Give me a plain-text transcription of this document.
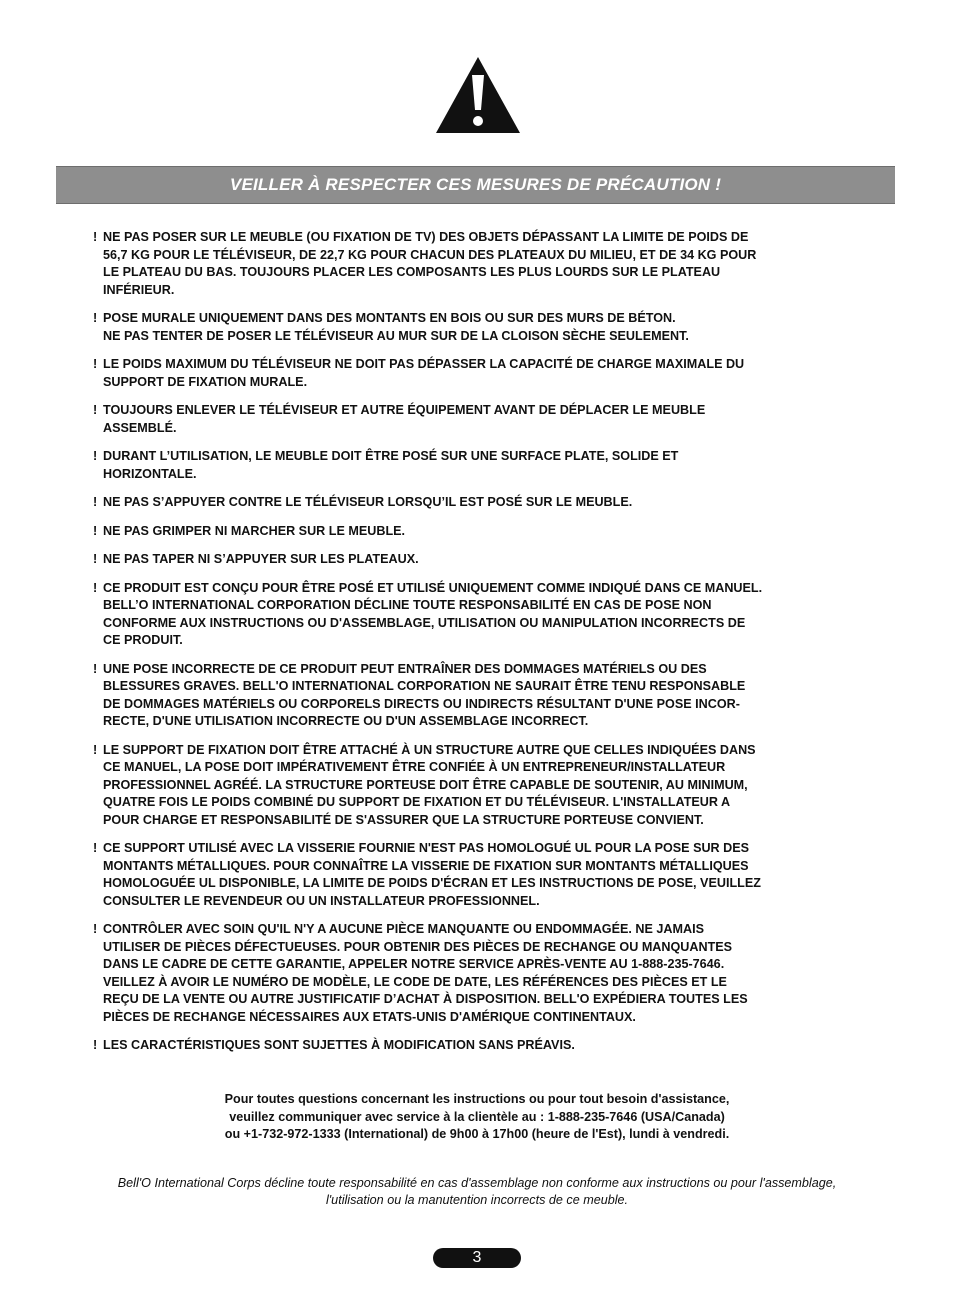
VEILLER À RESPECTER CES MESURES DE PRÉCAUTION !
! NE PAS POSER SUR LE MEUBLE (OU FIXATION DE TV) DES OBJETS DÉPASSANT LA LIMITE DE POIDS DE
56,7 KG POUR LE TÉLÉVISEUR, DE 22,7 KG POUR CHACUN DES PLATEAUX DU MILIEU, ET DE 34 KG POUR
LE PLATEAU DU BAS. TOUJOURS PLACER LES COMPOSANTS LES PLUS LOURDS SUR LE PLATEAU
INFÉRIEUR.
! POSE MURALE UNIQUEMENT DANS DES MONTANTS EN BOIS OU SUR DES MURS DE BÉTON.
NE PAS TENTER DE POSER LE TÉLÉVISEUR AU MUR SUR DE LA CLOISON SÈCHE SEULEMENT.
! LE POIDS MAXIMUM DU TÉLÉVISEUR NE DOIT PAS DÉPASSER LA CAPACITÉ DE CHARGE MAXIMALE DU
SUPPORT DE FIXATION MURALE.
! TOUJOURS ENLEVER LE TÉLÉVISEUR ET AUTRE ÉQUIPEMENT AVANT DE DÉPLACER LE MEUBLE
ASSEMBLÉ.
! DURANT L’UTILISATION, LE MEUBLE DOIT ÊTRE POSÉ SUR UNE SURFACE PLATE, SOLIDE ET
HORIZONTALE.
! NE PAS S’APPUYER CONTRE LE TÉLÉVISEUR LORSQU’IL EST POSÉ SUR LE MEUBLE.
! NE PAS GRIMPER NI MARCHER SUR LE MEUBLE.
! NE PAS TAPER NI S’APPUYER SUR LES PLATEAUX.
! CE PRODUIT EST CONÇU POUR ÊTRE POSÉ ET UTILISÉ UNIQUEMENT COMME INDIQUÉ DANS CE MANUEL.
BELL’O INTERNATIONAL CORPORATION DÉCLINE TOUTE RESPONSABILITÉ EN CAS DE POSE NON
CONFORME AUX INSTRUCTIONS OU D'ASSEMBLAGE, UTILISATION OU MANIPULATION INCORRECTS DE
CE PRODUIT.
! UNE POSE INCORRECTE DE CE PRODUIT PEUT ENTRAÎNER DES DOMMAGES MATÉRIELS OU DES
BLESSURES GRAVES. BELL'O INTERNATIONAL CORPORATION NE SAURAIT ÊTRE TENU RESPONSABLE
DE DOMMAGES MATÉRIELS OU CORPORELS DIRECTS OU INDIRECTS RÉSULTANT D'UNE POSE INCOR-
RECTE, D'UNE UTILISATION INCORRECTE OU D'UN ASSEMBLAGE INCORRECT.
! LE SUPPORT DE FIXATION DOIT ÊTRE ATTACHÉ À UN STRUCTURE AUTRE QUE CELLES INDIQUÉES DANS
CE MANUEL, LA POSE DOIT IMPÉRATIVEMENT ÊTRE CONFIÉE À UN ENTREPRENEUR/INSTALLATEUR
PROFESSIONNEL AGRÉÉ. LA STRUCTURE PORTEUSE DOIT ÊTRE CAPABLE DE SOUTENIR, AU MINIMUM,
QUATRE FOIS LE POIDS COMBINÉ DU SUPPORT DE FIXATION ET DU TÉLÉVISEUR. L'INSTALLATEUR A
POUR CHARGE ET RESPONSABILITÉ DE S'ASSURER QUE LA STRUCTURE PORTEUSE CONVIENT.
! CE SUPPORT UTILISÉ AVEC LA VISSERIE FOURNIE N'EST PAS HOMOLOGUÉ UL POUR LA POSE SUR DES
MONTANTS MÉTALLIQUES. POUR CONNAÎTRE LA VISSERIE DE FIXATION SUR MONTANTS MÉTALLIQUES
HOMOLOGUÉE UL DISPONIBLE, LA LIMITE DE POIDS D'ÉCRAN ET LES INSTRUCTIONS DE POSE, VEUILLEZ
CONSULTER LE REVENDEUR OU UN INSTALLATEUR PROFESSIONNEL.
! CONTRÔLER AVEC SOIN QU'IL N'Y A AUCUNE PIÈCE MANQUANTE OU ENDOMMAGÉE. NE JAMAIS
UTILISER DE PIÈCES DÉFECTUEUSES. POUR OBTENIR DES PIÈCES DE RECHANGE OU MANQUANTES
DANS LE CADRE DE CETTE GARANTIE, APPELER NOTRE SERVICE APRÈS-VENTE AU 1-888-235-7646.
VEILLEZ À AVOIR LE NUMÉRO DE MODÈLE, LE CODE DE DATE, LES RÉFÉRENCES DES PIÈCES ET LE
REÇU DE LA VENTE OU AUTRE JUSTIFICATIF D’ACHAT À DISPOSITION. BELL'O EXPÉDIERA TOUTES LES
PIÈCES DE RECHANGE NÉCESSAIRES AUX ETATS-UNIS D'AMÉRIQUE CONTINENTAUX.
! LES CARACTÉRISTIQUES SONT SUJETTES À MODIFICATION SANS PRÉAVIS.
Pour toutes questions concernant les instructions ou pour tout besoin d'assistance,
veuillez communiquer avec service à la clientèle au : 1-888-235-7646 (USA/Canada)
ou +1-732-972-1333 (International) de 9h00 à 17h00 (heure de l'Est), lundi à vendredi.
Bell'O International Corps décline toute responsabilité en cas d'assemblage non conforme aux instructions ou pour l'assemblage,
l'utilisation ou la manutention incorrects de ce meuble.
3
